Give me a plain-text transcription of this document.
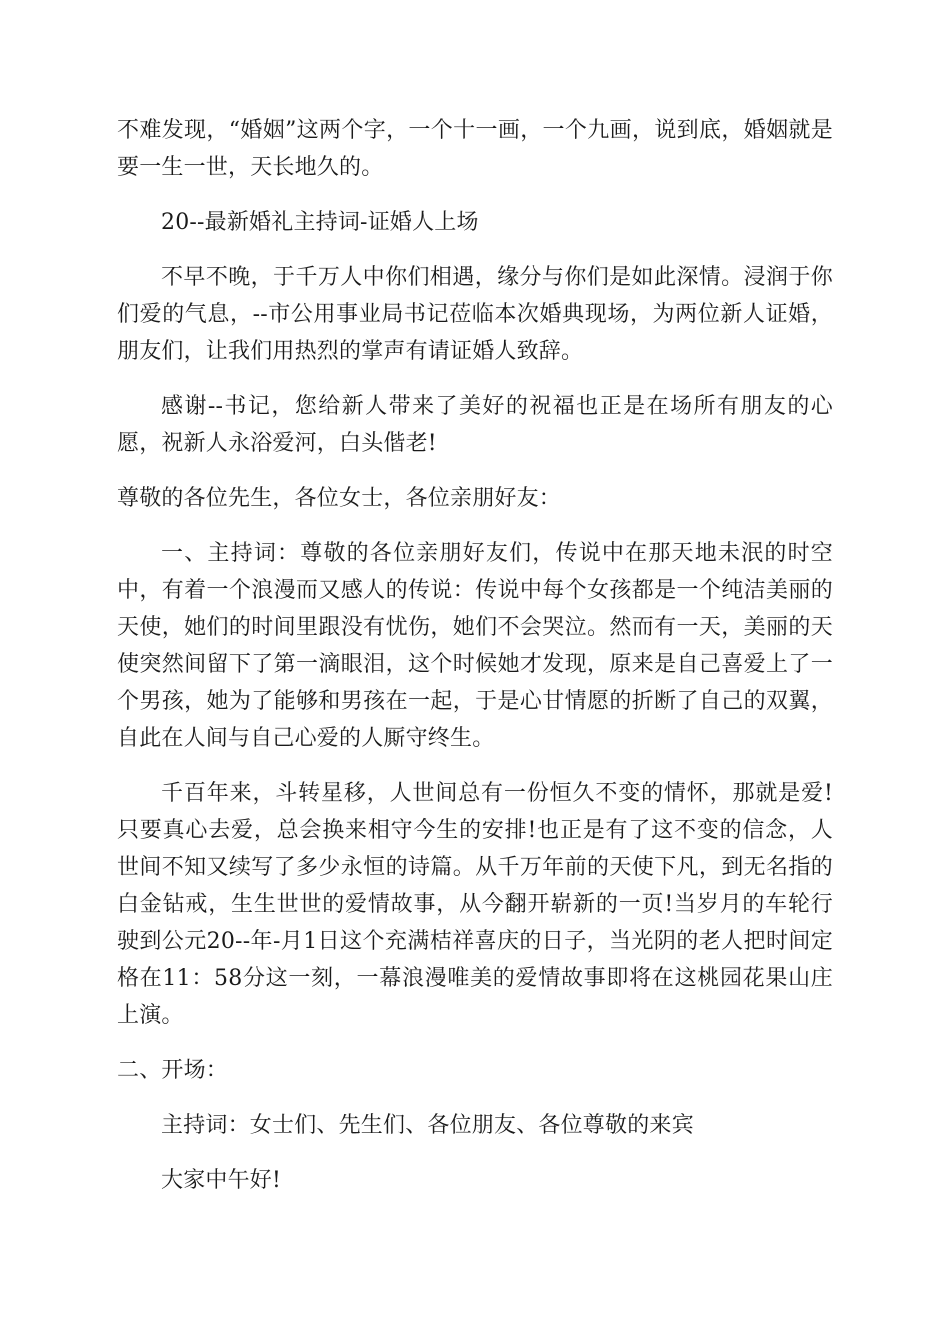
不难发现，“婚姻”这两个字，一个十一画，一个九画，说到底，婚姻就是要一生一世，天长地久的。

20--最新婚礼主持词-证婚人上场

不早不晚，于千万人中你们相遇，缘分与你们是如此深情。浸润于你们爱的气息，--市公用事业局书记莅临本次婚典现场，为两位新人证婚，朋友们，让我们用热烈的掌声有请证婚人致辞。

感谢--书记，您给新人带来了美好的祝福也正是在场所有朋友的心愿，祝新人永浴爱河，白头偕老!

尊敬的各位先生，各位女士，各位亲朋好友：

一、主持词：尊敬的各位亲朋好友们，传说中在那天地未泯的时空中，有着一个浪漫而又感人的传说：传说中每个女孩都是一个纯洁美丽的天使，她们的时间里跟没有忧伤，她们不会哭泣。然而有一天，美丽的天使突然间留下了第一滴眼泪，这个时候她才发现，原来是自己喜爱上了一个男孩，她为了能够和男孩在一起，于是心甘情愿的折断了自己的双翼，自此在人间与自己心爱的人厮守终生。

千百年来，斗转星移，人世间总有一份恒久不变的情怀，那就是爱!只要真心去爱，总会换来相守今生的安排!也正是有了这不变的信念，人世间不知又续写了多少永恒的诗篇。从千万年前的天使下凡，到无名指的白金钻戒，生生世世的爱情故事，从今翻开崭新的一页!当岁月的车轮行驶到公元20--年-月1日这个充满桔祥喜庆的日子，当光阴的老人把时间定格在11：58分这一刻，一幕浪漫唯美的爱情故事即将在这桃园花果山庄上演。

二、开场：

主持词：女士们、先生们、各位朋友、各位尊敬的来宾

大家中午好!
